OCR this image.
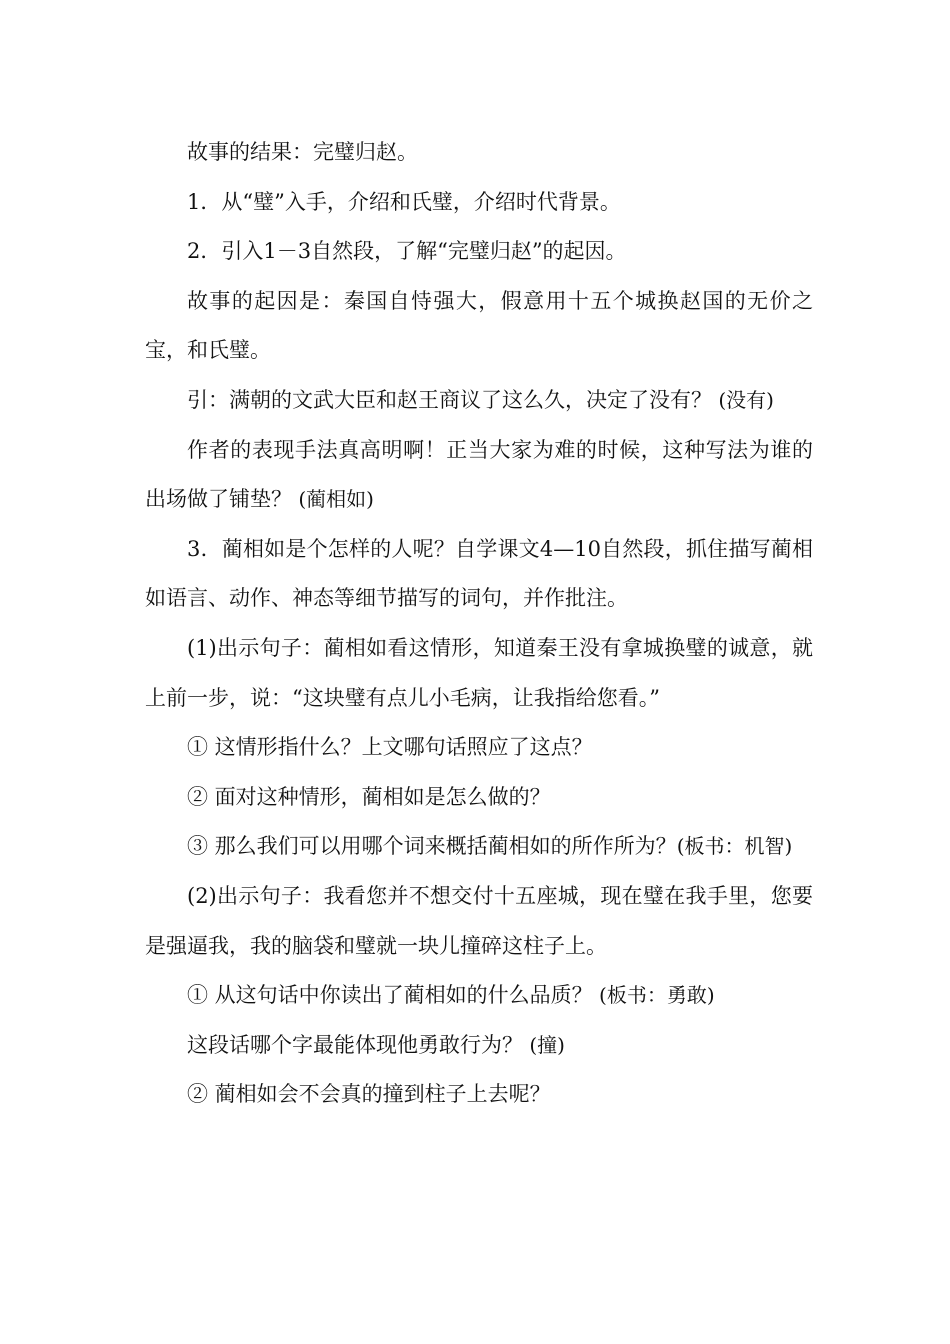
故事的结果：完璧归赵。

1．从“璧”入手，介绍和氏璧，介绍时代背景。

2．引入1－3自然段，了解“完璧归赵”的起因。

故事的起因是：秦国自恃强大，假意用十五个城换赵国的无价之宝，和氏璧。

引：满朝的文武大臣和赵王商议了这么久，决定了没有？ (没有)

作者的表现手法真高明啊！正当大家为难的时候，这种写法为谁的出场做了铺垫？ (蔺相如)

3．蔺相如是个怎样的人呢？自学课文4—10自然段，抓住描写蔺相如语言、动作、神态等细节描写的词句，并作批注。

(1)出示句子：蔺相如看这情形，知道秦王没有拿城换璧的诚意，就上前一步，说：“这块璧有点儿小毛病，让我指给您看。”

① 这情形指什么？上文哪句话照应了这点？

② 面对这种情形，蔺相如是怎么做的？

③ 那么我们可以用哪个词来概括蔺相如的所作所为？(板书：机智)

(2)出示句子：我看您并不想交付十五座城，现在璧在我手里，您要是强逼我，我的脑袋和璧就一块儿撞碎这柱子上。

① 从这句话中你读出了蔺相如的什么品质？ (板书：勇敢)

这段话哪个字最能体现他勇敢行为？ (撞)

② 蔺相如会不会真的撞到柱子上去呢？
